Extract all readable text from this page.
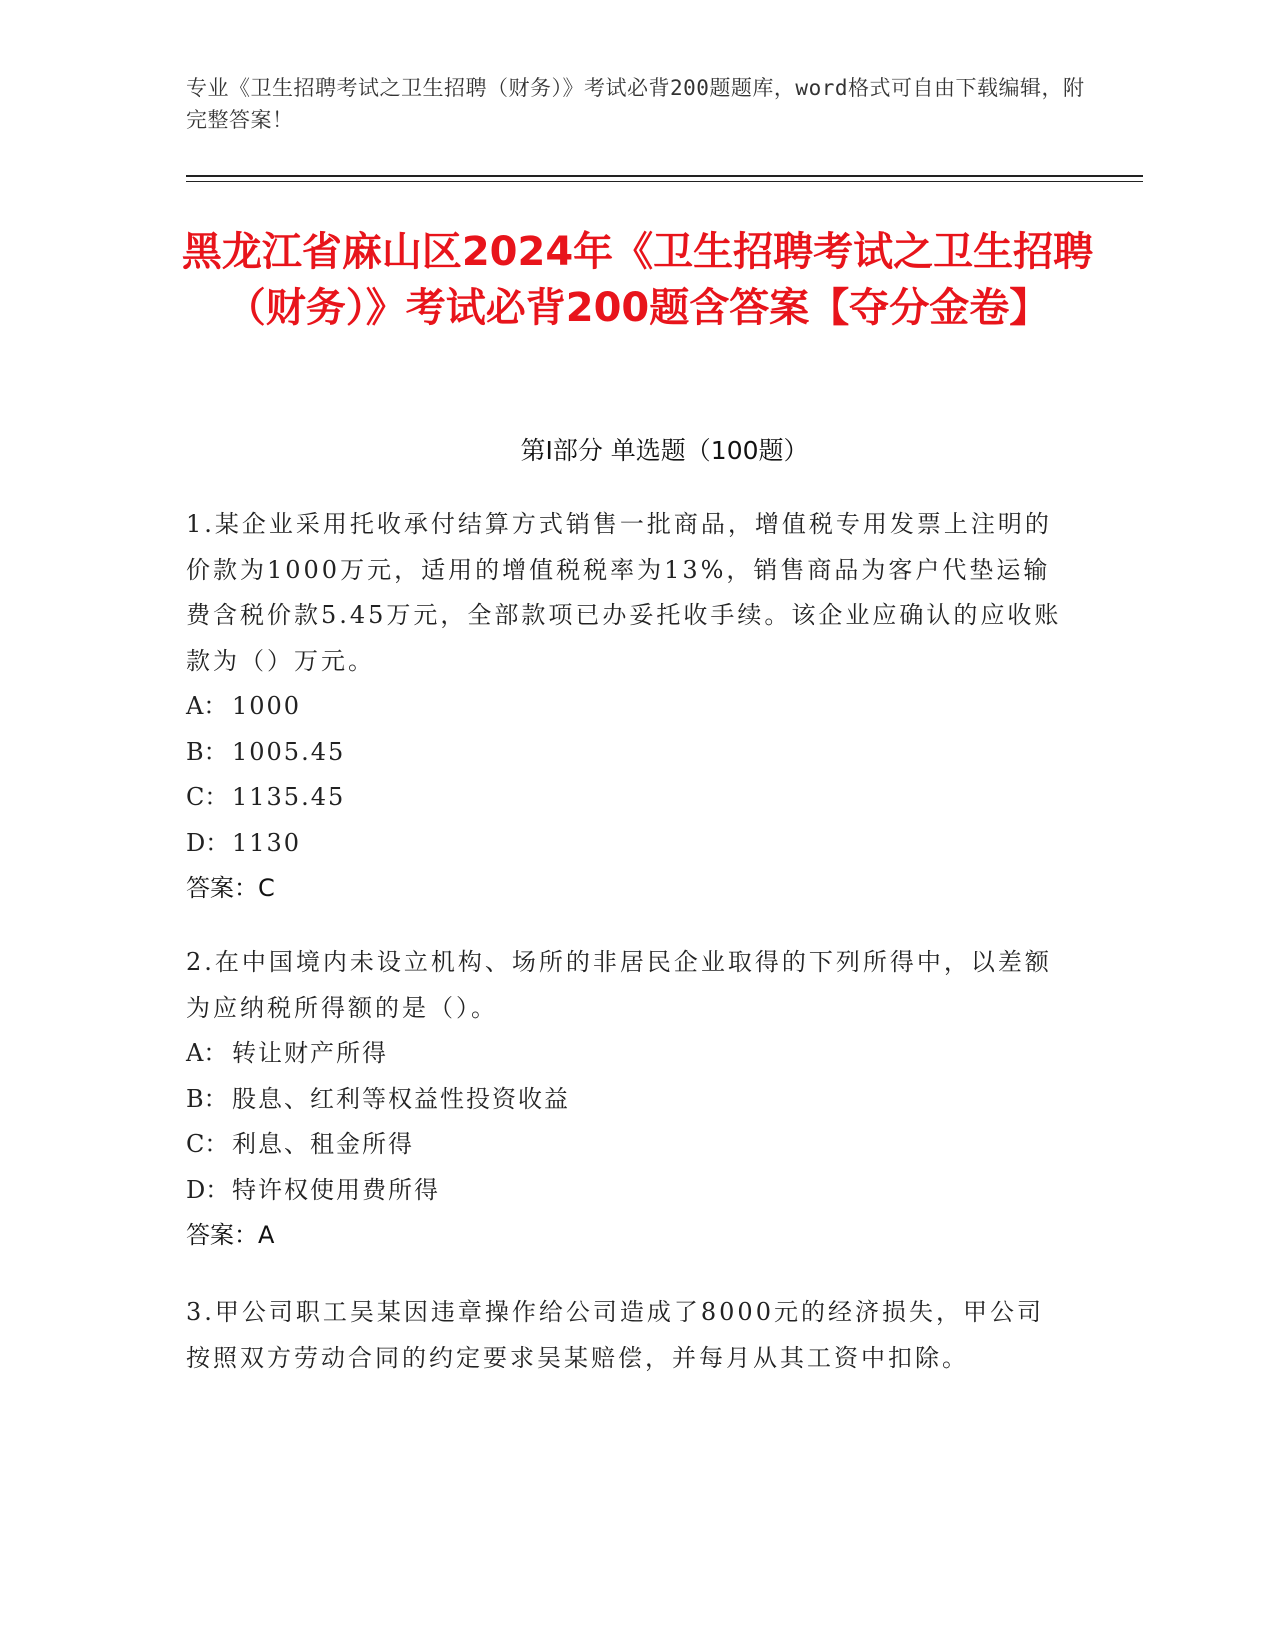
专业《卫生招聘考试之卫生招聘（财务）》考试必背200题题库，word格式可自由下载编辑，附完整答案！
黑龙江省麻山区2024年《卫生招聘考试之卫生招聘（财务）》考试必背200题含答案【夺分金卷】
第Ⅰ部分 单选题（100题）

1.某企业采用托收承付结算方式销售一批商品，增值税专用发票上注明的价款为1000万元，适用的增值税税率为13%，销售商品为客户代垫运输费含税价款5.45万元，全部款项已办妥托收手续。该企业应确认的应收账款为（）万元。

A： 1000

B： 1005.45

C： 1135.45

D： 1130

答案：C

2.在中国境内未设立机构、场所的非居民企业取得的下列所得中，以差额为应纳税所得额的是（）。

A： 转让财产所得

B： 股息、红利等权益性投资收益

C： 利息、租金所得

D： 特许权使用费所得

答案：A

3.甲公司职工吴某因违章操作给公司造成了8000元的经济损失，甲公司按照双方劳动合同的约定要求吴某赔偿，并每月从其工资中扣除。
